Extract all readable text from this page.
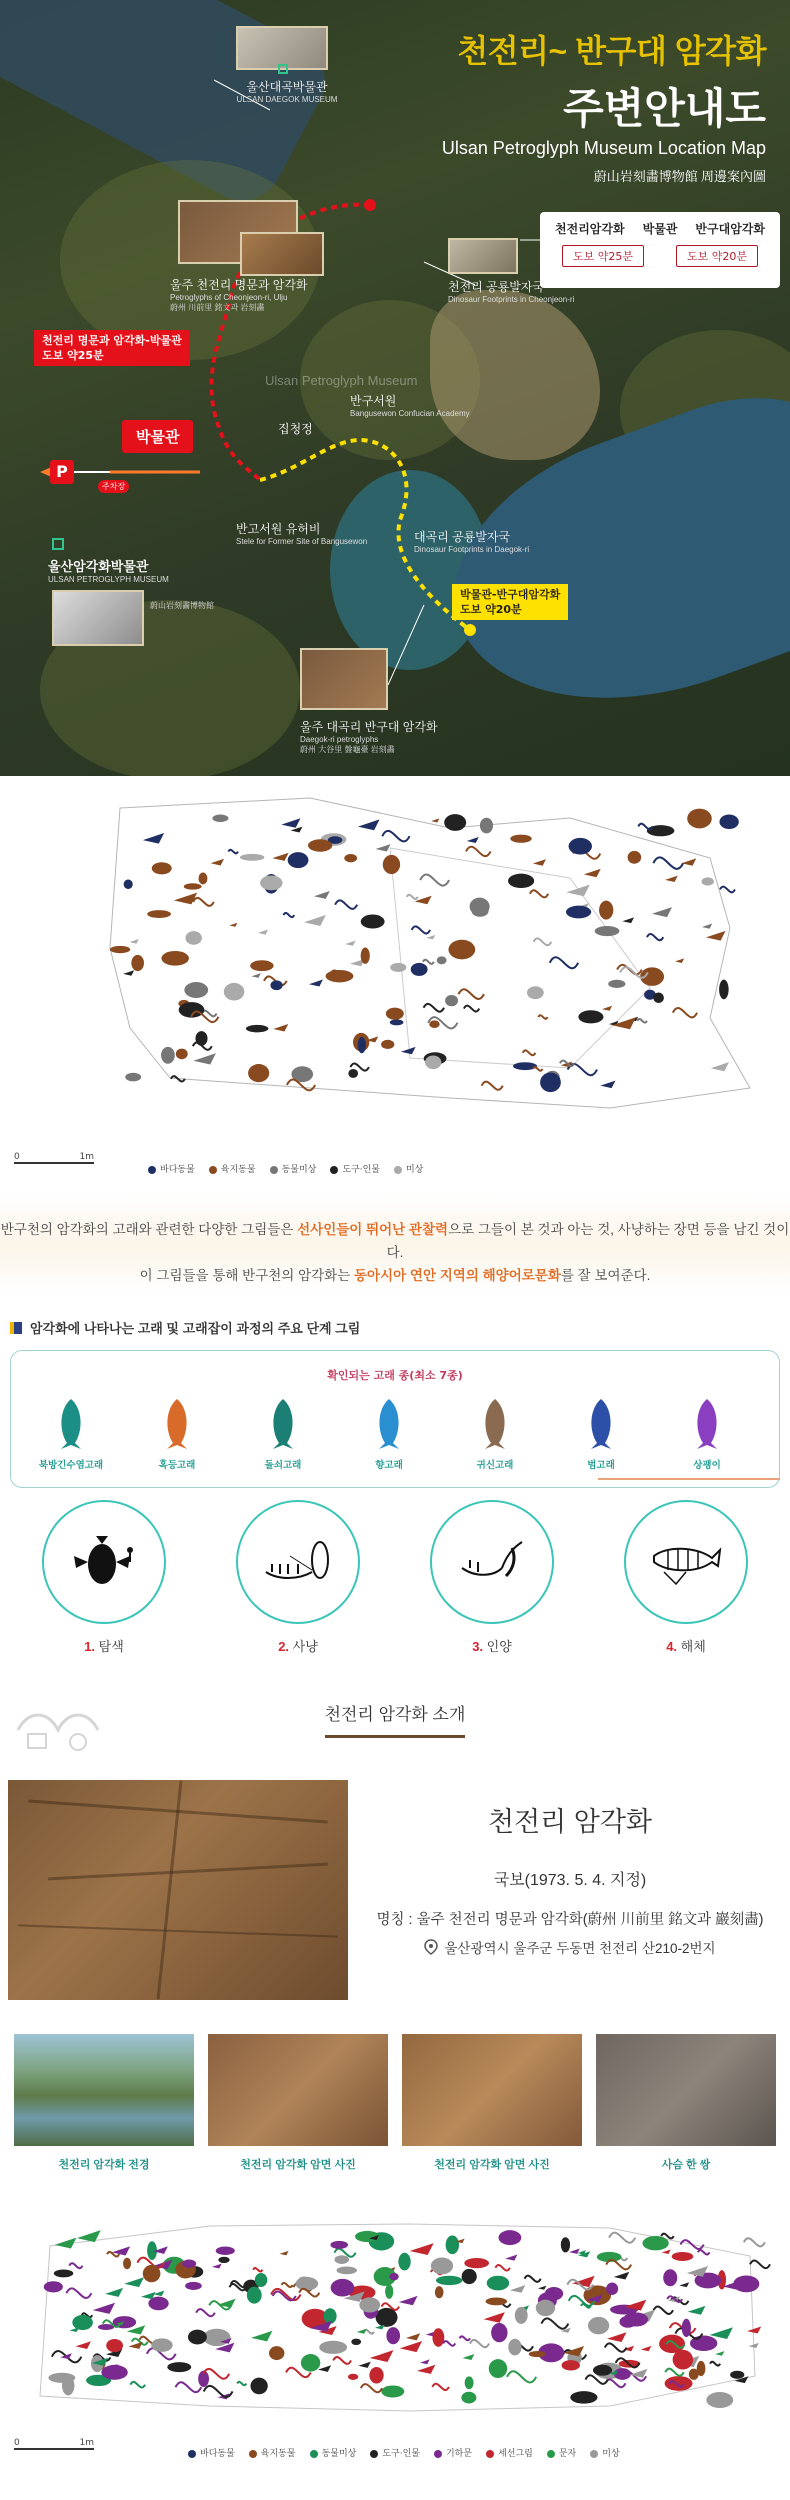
Ulsan Petroglyph Museum
천전리~ 반구대 암각화
주변안내도
Ulsan Petroglyph Museum Location Map
蔚山岩刻畵博物館 周邊案內圖
천전리암각화 박물관 반구대암각화
도보 약25분	도보 약20분
울산대곡박물관
ULSAN DAEGOK MUSEUM
울주 천전리 명문과 암각화
Petroglyphs of Cheonjeon-ri, Ulju
蔚州 川前里 銘文과 岩刻畵
천전리 공룡발자국
Dinosaur Footprints in Cheonjeon-ri
천전리 명문과 암각화-박물관
도보 약25분
반구서원
Bangusewon Confucian Academy
집청정
박물관
P
주차장
반고서원 유허비
Stele for Former Site of Bangusewon	대곡리 공룡발자국
Dinosaur Footprints in Daegok-ri
울산암각화박물관
ULSAN PETROGLYPH MUSEUM
蔚山岩刻畵博物館
박물관-반구대암각화
도보 약20분
울주 대곡리 반구대 암각화
Daegok-ri petroglyphs
蔚州 大谷里 盤龜臺 岩刻畵
0	1m
바다동물	육지동물	동물미상	도구·인물	미상
반구천의 암각화의 고래와 관련한 다양한 그림들은 선사인들이 뛰어난 관찰력으로 그들이 본 것과 아는 것, 사냥하는 장면 등을 남긴 것이다.
이 그림들을 통해 반구천의 암각화는 동아시아 연안 지역의 해양어로문화를 잘 보여준다.
암각화에 나타나는 고래 및 고래잡이 과정의 주요 단계 그림
확인되는 고래 종(최소 7종)
북방긴수염고래	혹등고래	돌쇠고래	향고래	귀신고래	범고래	상괭이
1. 탐색	2. 사냥	3. 인양	4. 해체
천전리 암각화 소개
천전리 암각화
국보(1973. 5. 4. 지정)
명칭 : 울주 천전리 명문과 암각화(蔚州 川前里 銘文과 巖刻畵)
울산광역시 울주군 두동면 천전리 산210-2번지
천전리 암각화 전경	천전리 암각화 암면 사진	천전리 암각화 암면 사진	사슴 한 쌍
0	1m
바다동물	육지동물	동물미상	도구·인물	기하문	세선그림	문자	미상
